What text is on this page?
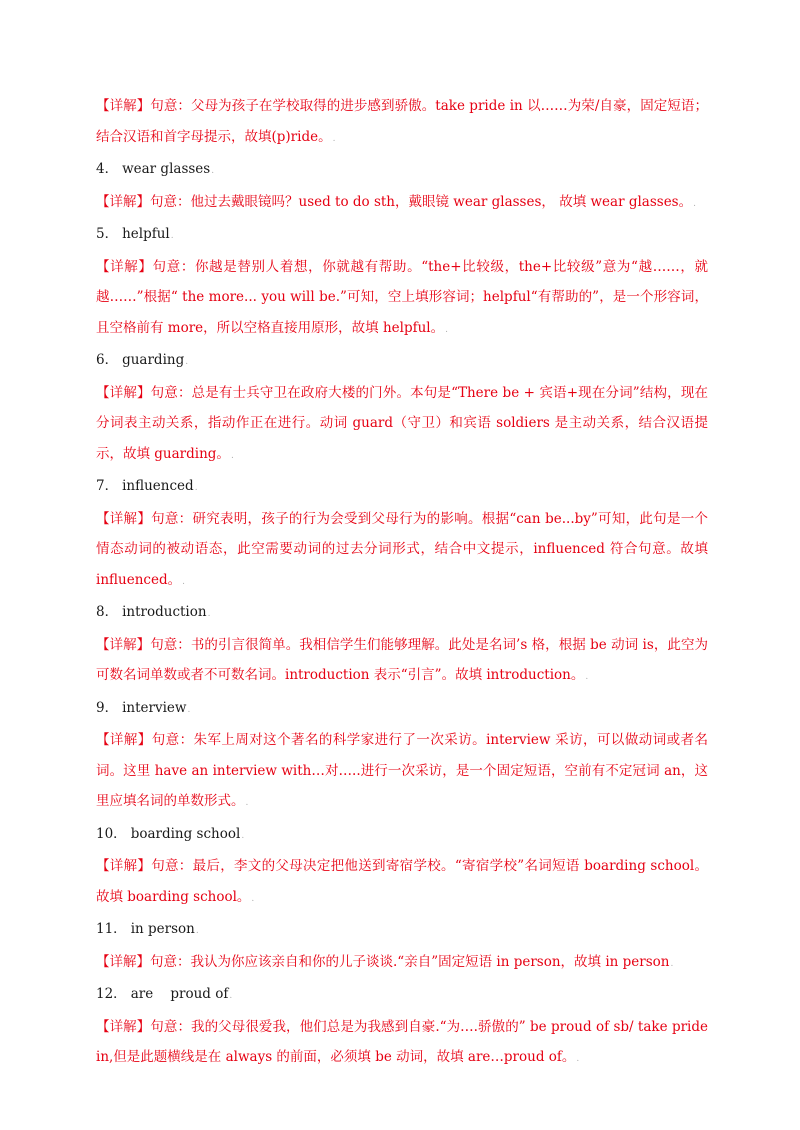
【详解】句意：父母为孩子在学校取得的进步感到骄傲。take pride in 以……为荣/自豪，固定短语；结合汉语和首字母提示，故填(p)ride。.

4． wear glasses.

【详解】句意：他过去戴眼镜吗？used to do sth，戴眼镜 wear glasses， 故填 wear glasses。.

5． helpful.

【详解】句意：你越是替别人着想，你就越有帮助。“the+比较级，the+比较级”意为“越……，就越……”根据“ the more... you will be.”可知，空上填形容词；helpful“有帮助的”，是一个形容词，且空格前有 more，所以空格直接用原形，故填 helpful。.

6． guarding.

【详解】句意：总是有士兵守卫在政府大楼的门外。本句是“There be + 宾语+现在分词”结构，现在分词表主动关系，指动作正在进行。动词 guard（守卫）和宾语 soldiers 是主动关系，结合汉语提示，故填 guarding。.

7． influenced.

【详解】句意：研究表明，孩子的行为会受到父母行为的影响。根据“can be...by”可知，此句是一个情态动词的被动语态，此空需要动词的过去分词形式，结合中文提示，influenced 符合句意。故填 influenced。.

8． introduction.

【详解】句意：书的引言很简单。我相信学生们能够理解。此处是名词’s 格，根据 be 动词 is，此空为可数名词单数或者不可数名词。introduction 表示“引言”。故填 introduction。.

9． interview.

【详解】句意：朱军上周对这个著名的科学家进行了一次采访。interview 采访，可以做动词或者名词。这里 have an interview with…对…..进行一次采访，是一个固定短语，空前有不定冠词 an，这里应填名词的单数形式。.

10． boarding school.

【详解】句意：最后，李文的父母决定把他送到寄宿学校。“寄宿学校”名词短语 boarding school。故填 boarding school。.

11． in person.

【详解】句意：我认为你应该亲自和你的儿子谈谈.“亲自”固定短语 in person，故填 in person.

12． are    proud of.

【详解】句意：我的父母很爱我，他们总是为我感到自豪.“为….骄傲的” be proud of sb/ take pride in,但是此题横线是在 always 的前面，必须填 be 动词，故填 are…proud of。.
